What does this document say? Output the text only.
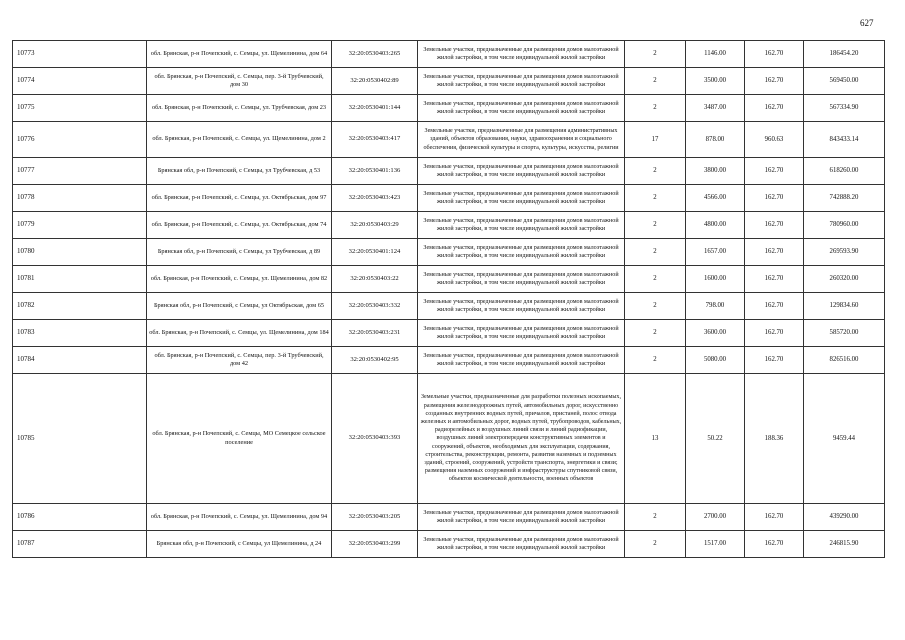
627
10773	обл. Брянская, р-н Почепский, с. Семцы, ул. Щемелинина, дом 64	32:20:0530403:265	Земельные участки, предназначенные для размещения домов малоэтажной жилой застройки, в том числе индивидуальной жилой застройки	2	1146.00	162.70	186454.20
10774	обл. Брянская, р-н Почепский, с. Семцы, пер. 3-й Трубчевский, дом 30	32:20:0530402:89	Земельные участки, предназначенные для размещения домов малоэтажной жилой застройки, в том числе индивидуальной жилой застройки	2	3500.00	162.70	569450.00
10775	обл. Брянская, р-н Почепский, с. Семцы, ул. Трубчевская, дом 23	32:20:0530401:144	Земельные участки, предназначенные для размещения домов малоэтажной жилой застройки, в том числе индивидуальной жилой застройки	2	3487.00	162.70	567334.90
10776	обл. Брянская, р-н Почепский, с. Семцы, ул. Щемелинина, дом 2	32:20:0530403:417	Земельные участки, предназначенные для размещения административных зданий, объектов образования, науки, здравоохранения и социального обеспечения, физической культуры и спорта, культуры, искусства, религии	17	878.00	960.63	843433.14
10777	Брянская обл, р-н Почепский, с Семцы, ул Трубчевская, д 53	32:20:0530401:136	Земельные участки, предназначенные для размещения домов малоэтажной жилой застройки, в том числе индивидуальной жилой застройки	2	3800.00	162.70	618260.00
10778	обл. Брянская, р-н Почепский, с. Семцы, ул. Октябрьская, дом 97	32:20:0530403:423	Земельные участки, предназначенные для размещения домов малоэтажной жилой застройки, в том числе индивидуальной жилой застройки	2	4566.00	162.70	742888.20
10779	обл. Брянская, р-н Почепский, с. Семцы, ул. Октябрьская, дом 74	32:20:0530403:29	Земельные участки, предназначенные для размещения домов малоэтажной жилой застройки, в том числе индивидуальной жилой застройки	2	4800.00	162.70	780960.00
10780	Брянская обл, р-н Почепский, с Семцы, ул Трубчевская, д 89	32:20:0530401:124	Земельные участки, предназначенные для размещения домов малоэтажной жилой застройки, в том числе индивидуальной жилой застройки	2	1657.00	162.70	269593.90
10781	обл. Брянская, р-н Почепский, с. Семцы, ул. Щемелинина, дом 82	32:20:0530403:22	Земельные участки, предназначенные для размещения домов малоэтажной жилой застройки, в том числе индивидуальной жилой застройки	2	1600.00	162.70	260320.00
10782	Брянская обл, р-н Почепский, с Семцы, ул Октябрьская, дом 65	32:20:0530403:332	Земельные участки, предназначенные для размещения домов малоэтажной жилой застройки, в том числе индивидуальной жилой застройки	2	798.00	162.70	129834.60
10783	обл. Брянская, р-н Почепский, с. Семцы, ул. Щемелинина, дом 184	32:20:0530403:231	Земельные участки, предназначенные для размещения домов малоэтажной жилой застройки, в том числе индивидуальной жилой застройки	2	3600.00	162.70	585720.00
10784	обл. Брянская, р-н Почепский, с. Семцы, пер. 3-й Трубчевский, дом 42	32:20:0530402:95	Земельные участки, предназначенные для размещения домов малоэтажной жилой застройки, в том числе индивидуальной жилой застройки	2	5080.00	162.70	826516.00
10785	обл. Брянская, р-н Почепский, с. Семцы, МО Семецкое сельское поселение	32:20:0530403:393	Земельные участки, предназначенные для разработки полезных ископаемых, размещения железнодорожных путей, автомобильных дорог, искусственно созданных внутренних водных путей, причалов, пристаней, полос отвода железных и автомобильных дорог, водных путей, трубопроводов, кабельных, радиорелейных и воздушных линий связи и линий радиофикации, воздушных линий электропередачи конструктивных элементов и сооружений, объектов, необходимых для эксплуатации, содержания, строительства, реконструкции, ремонта, развития наземных и подземных зданий, строений, сооружений, устройств транспорта, энергетики и связи; размещения наземных сооружений и инфраструктуры спутниковой связи, объектов космической деятельности, военных объектов	13	50.22	188.36	9459.44
10786	обл. Брянская, р-н Почепский, с. Семцы, ул. Щемелинина, дом 94	32:20:0530403:205	Земельные участки, предназначенные для размещения домов малоэтажной жилой застройки, в том числе индивидуальной жилой застройки	2	2700.00	162.70	439290.00
10787	Брянская обл, р-н Почепский, с Семцы, ул Щемелинина, д 24	32:20:0530403:299	Земельные участки, предназначенные для размещения домов малоэтажной жилой застройки, в том числе индивидуальной жилой застройки	2	1517.00	162.70	246815.90
